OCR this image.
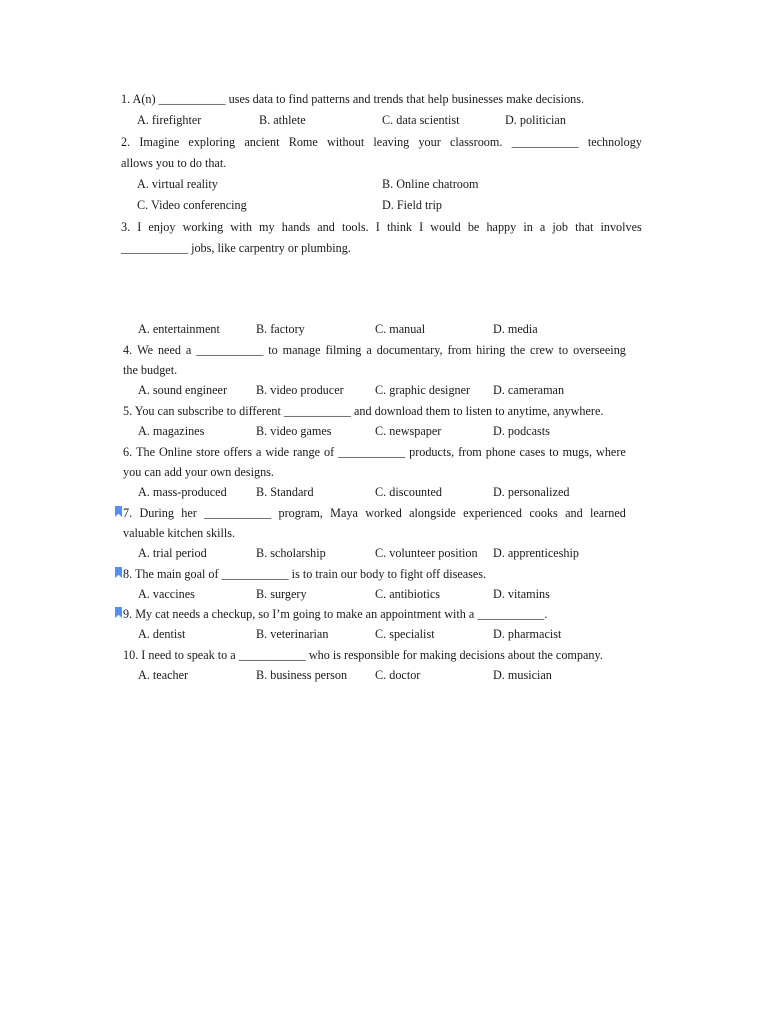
1. A(n) ___________ uses data to find patterns and trends that help businesses make decisions.
A. firefighter	B. athlete	C. data scientist	D. politician
2. Imagine exploring ancient Rome without leaving your classroom. ___________ technology
allows you to do that.
A. virtual reality	B. Online chatroom
C. Video conferencing	D. Field trip
3. I enjoy working with my hands and tools. I think I would be happy in a job that involves
___________ jobs, like carpentry or plumbing.
A. entertainment	B. factory	C. manual	D. media
4. We need a ___________ to manage filming a documentary, from hiring the crew to overseeing
the budget.
A. sound engineer B. video producer	C. graphic designer D. cameraman
5. You can subscribe to different ___________ and download them to listen to anytime, anywhere.
A. magazines	B. video games	C. newspaper	D. podcasts
6. The Online store offers a wide range of ___________ products, from phone cases to mugs, where
you can add your own designs.
A. mass-produced B. Standard	C. discounted	D. personalized
7. During her ___________ program, Maya worked alongside experienced cooks and learned
valuable kitchen skills.
A. trial period	B. scholarship	C. volunteer position D. apprenticeship
8. The main goal of ___________ is to train our body to fight off diseases.
A. vaccines	B. surgery	C. antibiotics	D. vitamins
9. My cat needs a checkup, so I’m going to make an appointment with a ___________.
A. dentist	B. veterinarian	C. specialist	D. pharmacist
10. I need to speak to a ___________ who is responsible for making decisions about the company.
A. teacher	B. business person C. doctor	D. musician
